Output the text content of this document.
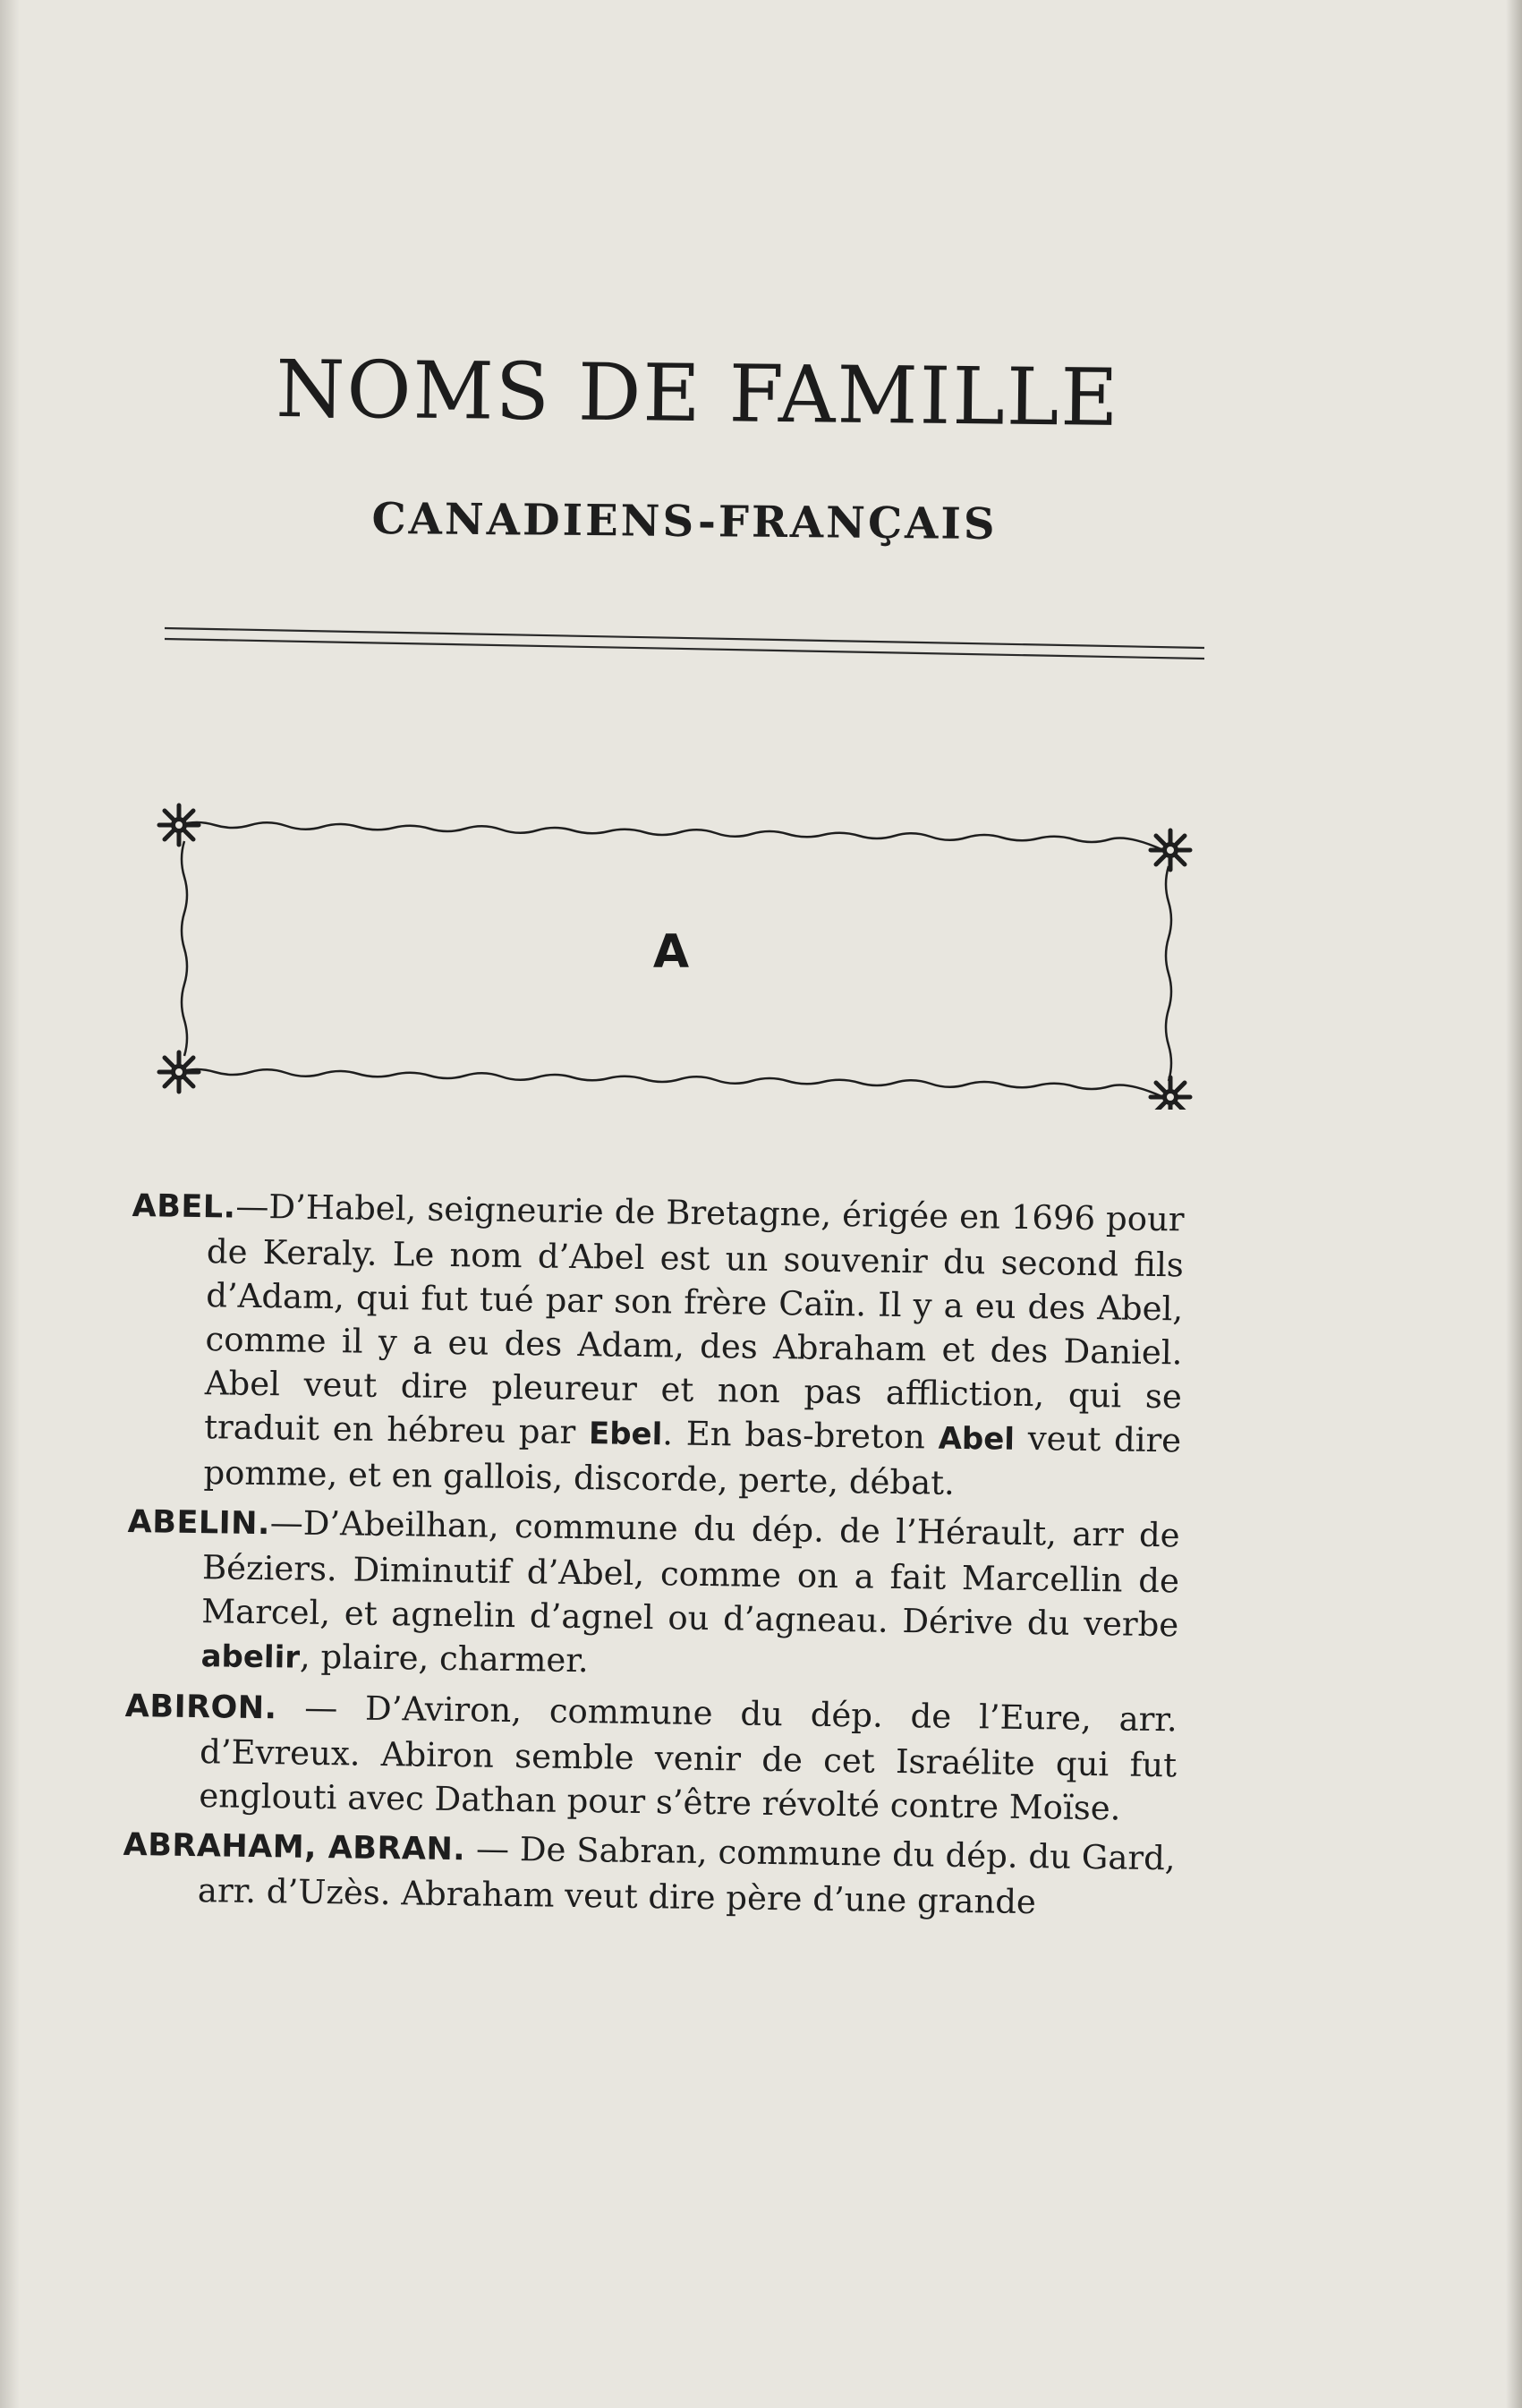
NOMS DE FAMILLE
CANADIENS-FRANÇAIS
A

ABEL.—D’Habel, seigneurie de Bretagne, érigée en 1696 pour de Keraly. Le nom d’Abel est un souvenir du second fils d’Adam, qui fut tué par son frère Caïn. Il y a eu des Abel, comme il y a eu des Adam, des Abraham et des Daniel. Abel veut dire pleureur et non pas affliction, qui se traduit en hébreu par Ebel. En bas-breton Abel veut dire pomme, et en gallois, discorde, perte, débat.

ABELIN.—D’Abeilhan, commune du dép. de l’Hérault, arr de Béziers. Diminutif d’Abel, comme on a fait Marcellin de Marcel, et agnelin d’agnel ou d’agneau. Dérive du verbe abelir, plaire, charmer.

ABIRON. — D’Aviron, commune du dép. de l’Eure, arr. d’Evreux. Abiron semble venir de cet Israélite qui fut englouti avec Dathan pour s’être révolté contre Moïse.

ABRAHAM, ABRAN. — De Sabran, commune du dép. du Gard, arr. d’Uzès. Abraham veut dire père d’une grande
